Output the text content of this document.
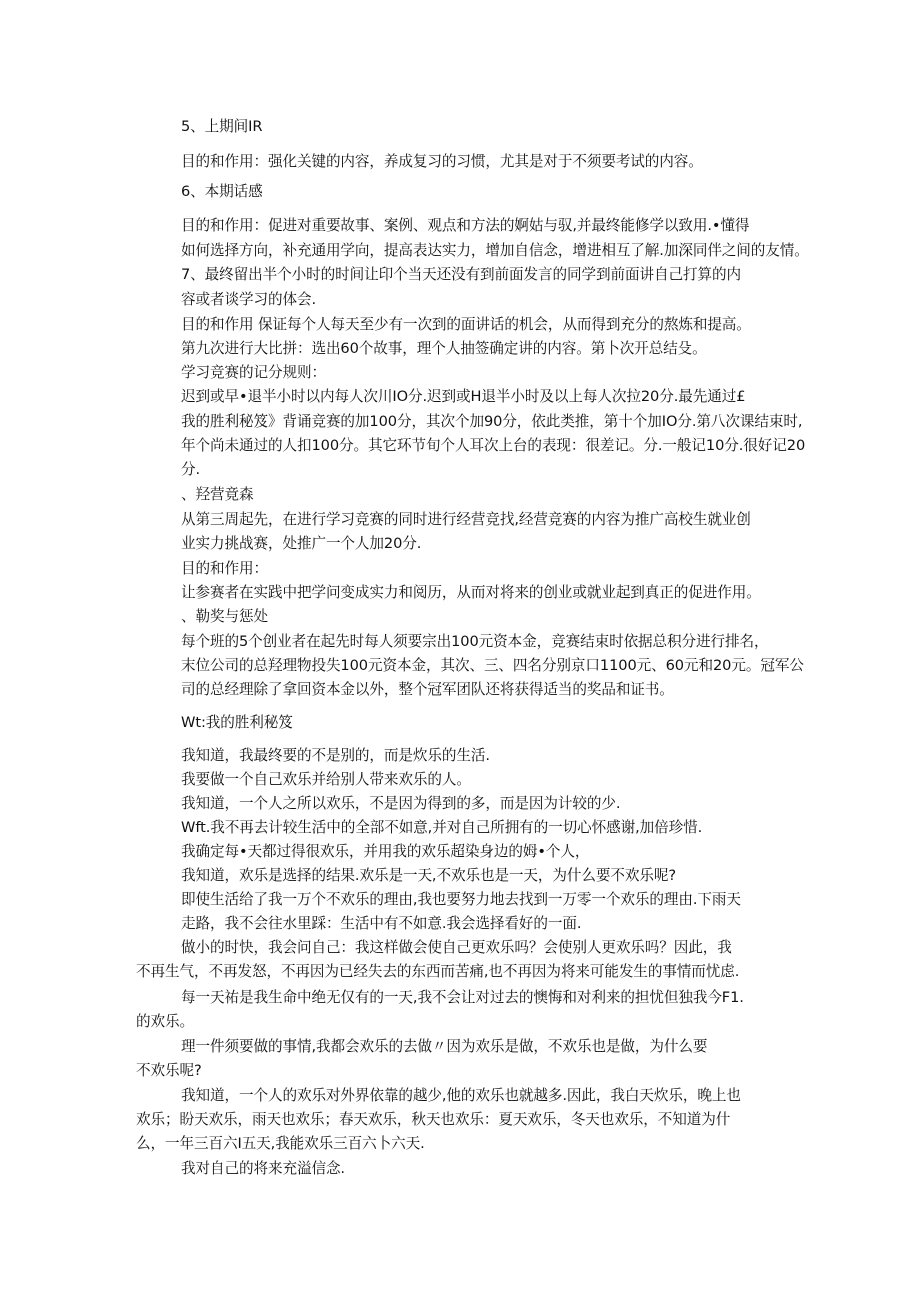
5、上期间IR
目的和作用：强化关键的内容，养成复习的习惯，尤其是对于不须要考试的内容。
6、本期话感
目的和作用：促进对重要故事、案例、观点和方法的婀姑与驭,并最终能修学以致用.•懂得
如何选择方向，补充通用学向，提高表达实力，增加自信念，增进相互了解.加深同伴之间的友情。
7、最终留出半个小时的时间让印个当天还没有到前面发言的同学到前面讲自己打算的内
容或者谈学习的体会.
目的和作用 保证每个人每天至少有一次到的面讲话的机会，从而得到充分的熬炼和提高。
第九次进行大比拼：选出60个故事，理个人抽签确定讲的内容。第卜次开总结殳。
学习竞赛的记分规则：
迟到或早•退半小时以内每人次川IO分.迟到或H退半小时及以上每人次拉20分.最先通过£
我的胜利秘笈》背诵竞赛的加100分，其次个加90分，依此类推，第十个加IO分.第八次课结束时,
年个尚未通过的人扣100分。其它环节旬个人耳次上台的表现：很差记。分.一般记10分.很好记20
分.
、羟营竟森
从第三周起先，在进行学习竞赛的同时进行经营竞找,经营竞赛的内容为推广高校生就业创
业实力挑战赛，处推广一个人加20分.
目的和作用：
让参赛者在实践中把学问变成实力和阅历，从而对将来的创业或就业起到真正的促进作用。
、勒奖与惩处
每个班的5个创业者在起先时每人须要宗出100元资本金，竞赛结束时依据总积分进行排名，
末位公司的总羟理物投失100元资本金，其次、三、四名分别京口1100元、60元和20元。冠军公
司的总经理除了拿回资本金以外，整个冠军团队还将获得适当的奖品和证书。
Wt:我的胜利秘笈
我知道，我最终要的不是别的，而是炊乐的生活.
我要做一个自己欢乐并给别人带来欢乐的人。
我知道，一个人之所以欢乐，不是因为得到的多，而是因为计较的少.
Wft.我不再去计较生活中的全部不如意,并对自己所拥有的一切心怀感谢,加倍珍惜.
我确定每•天都过得很欢乐，并用我的欢乐超染身边的姆•个人，
我知道，欢乐是选择的结果.欢乐是一天,不欢乐也是一天，为什么要不欢乐呢?
即使生活给了我一万个不欢乐的理由,我也要努力地去找到一万零一个欢乐的理由.下雨天
走路，我不会往水里踩：生活中有不如意.我会选择看好的一面.
做小的时快，我会问自己：我这样做会使自己更欢乐吗？会使别人更欢乐吗？因此，我
不再生气，不再发怒，不再因为已经失去的东西而苦痛,也不再因为将来可能发生的事情而忧虑.
每一天祐是我生命中绝无仅有的一天,我不会让对过去的懊悔和对利来的担忧但独我今F1.
的欢乐。
理一件须要做的事情,我都会欢乐的去做〃因为欢乐是做，不欢乐也是做，为什么要
不欢乐呢?
我知道，一个人的欢乐对外界依靠的越少,他的欢乐也就越多.因此，我白天炊乐，晚上也
欢乐；盼天欢乐，雨天也欢乐；春天欢乐，秋天也欢乐：夏天欢乐，冬天也欢乐，不知道为什
么，一年三百六I五天,我能欢乐三百六卜六天.
我对自己的将来充溢信念.
